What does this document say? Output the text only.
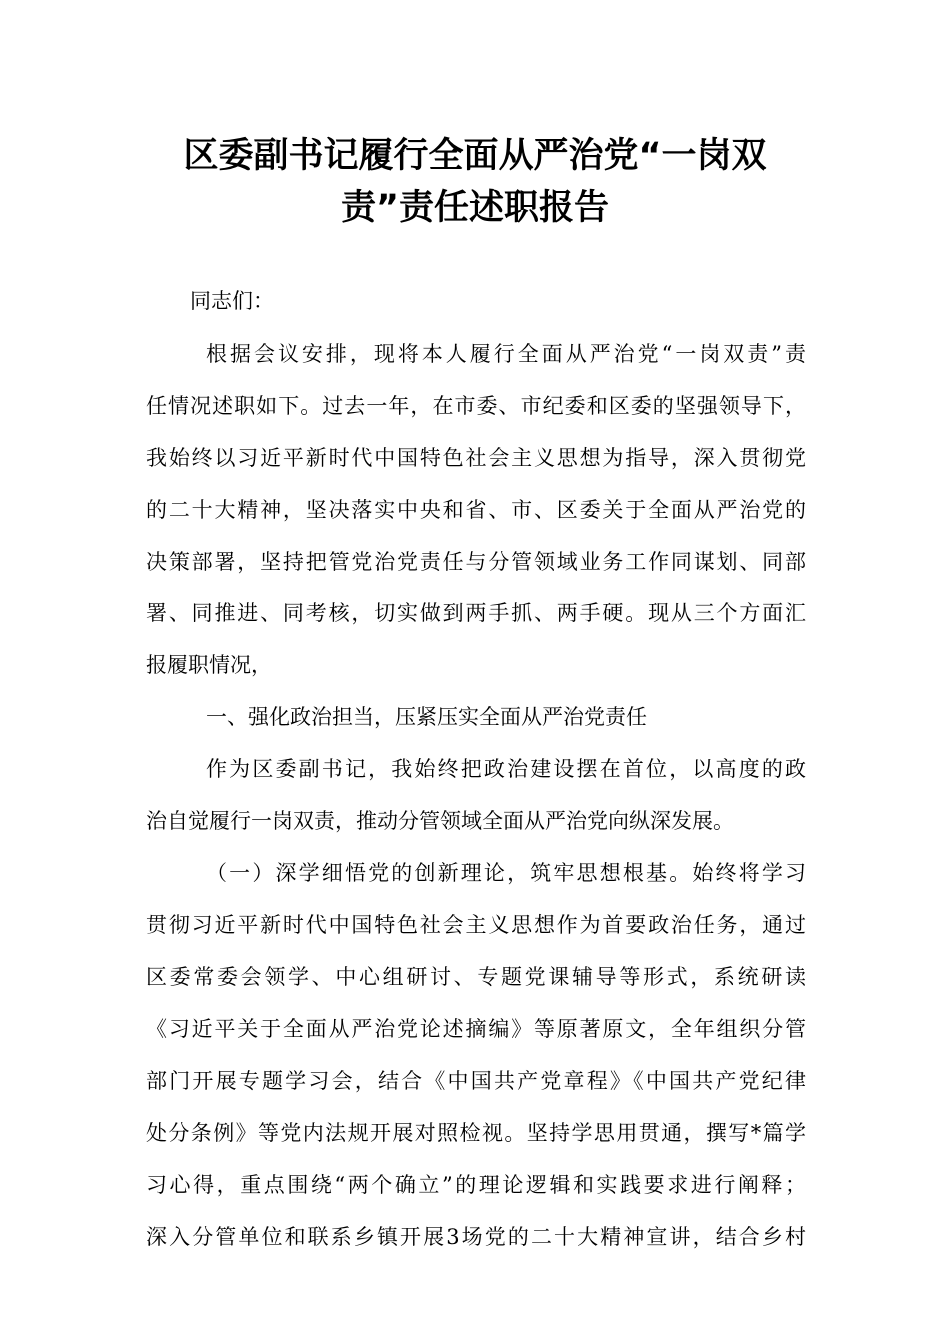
区委副书记履行全面从严治党“一岗双
责”责任述职报告
同志们：
根据会议安排，现将本人履行全面从严治党“一岗双责”责
任情况述职如下。过去一年，在市委、市纪委和区委的坚强领导下，
我始终以习近平新时代中国特色社会主义思想为指导，深入贯彻党
的二十大精神，坚决落实中央和省、市、区委关于全面从严治党的
决策部署，坚持把管党治党责任与分管领域业务工作同谋划、同部
署、同推进、同考核，切实做到两手抓、两手硬。现从三个方面汇
报履职情况，
一、强化政治担当，压紧压实全面从严治党责任
作为区委副书记，我始终把政治建设摆在首位，以高度的政
治自觉履行一岗双责，推动分管领域全面从严治党向纵深发展。
（一）深学细悟党的创新理论，筑牢思想根基。始终将学习
贯彻习近平新时代中国特色社会主义思想作为首要政治任务，通过
区委常委会领学、中心组研讨、专题党课辅导等形式，系统研读
《习近平关于全面从严治党论述摘编》等原著原文，全年组织分管
部门开展专题学习会，结合《中国共产党章程》《中国共产党纪律
处分条例》等党内法规开展对照检视。坚持学思用贯通，撰写*篇学
习心得，重点围绕“两个确立”的理论逻辑和实践要求进行阐释；
深入分管单位和联系乡镇开展3场党的二十大精神宣讲，结合乡村
